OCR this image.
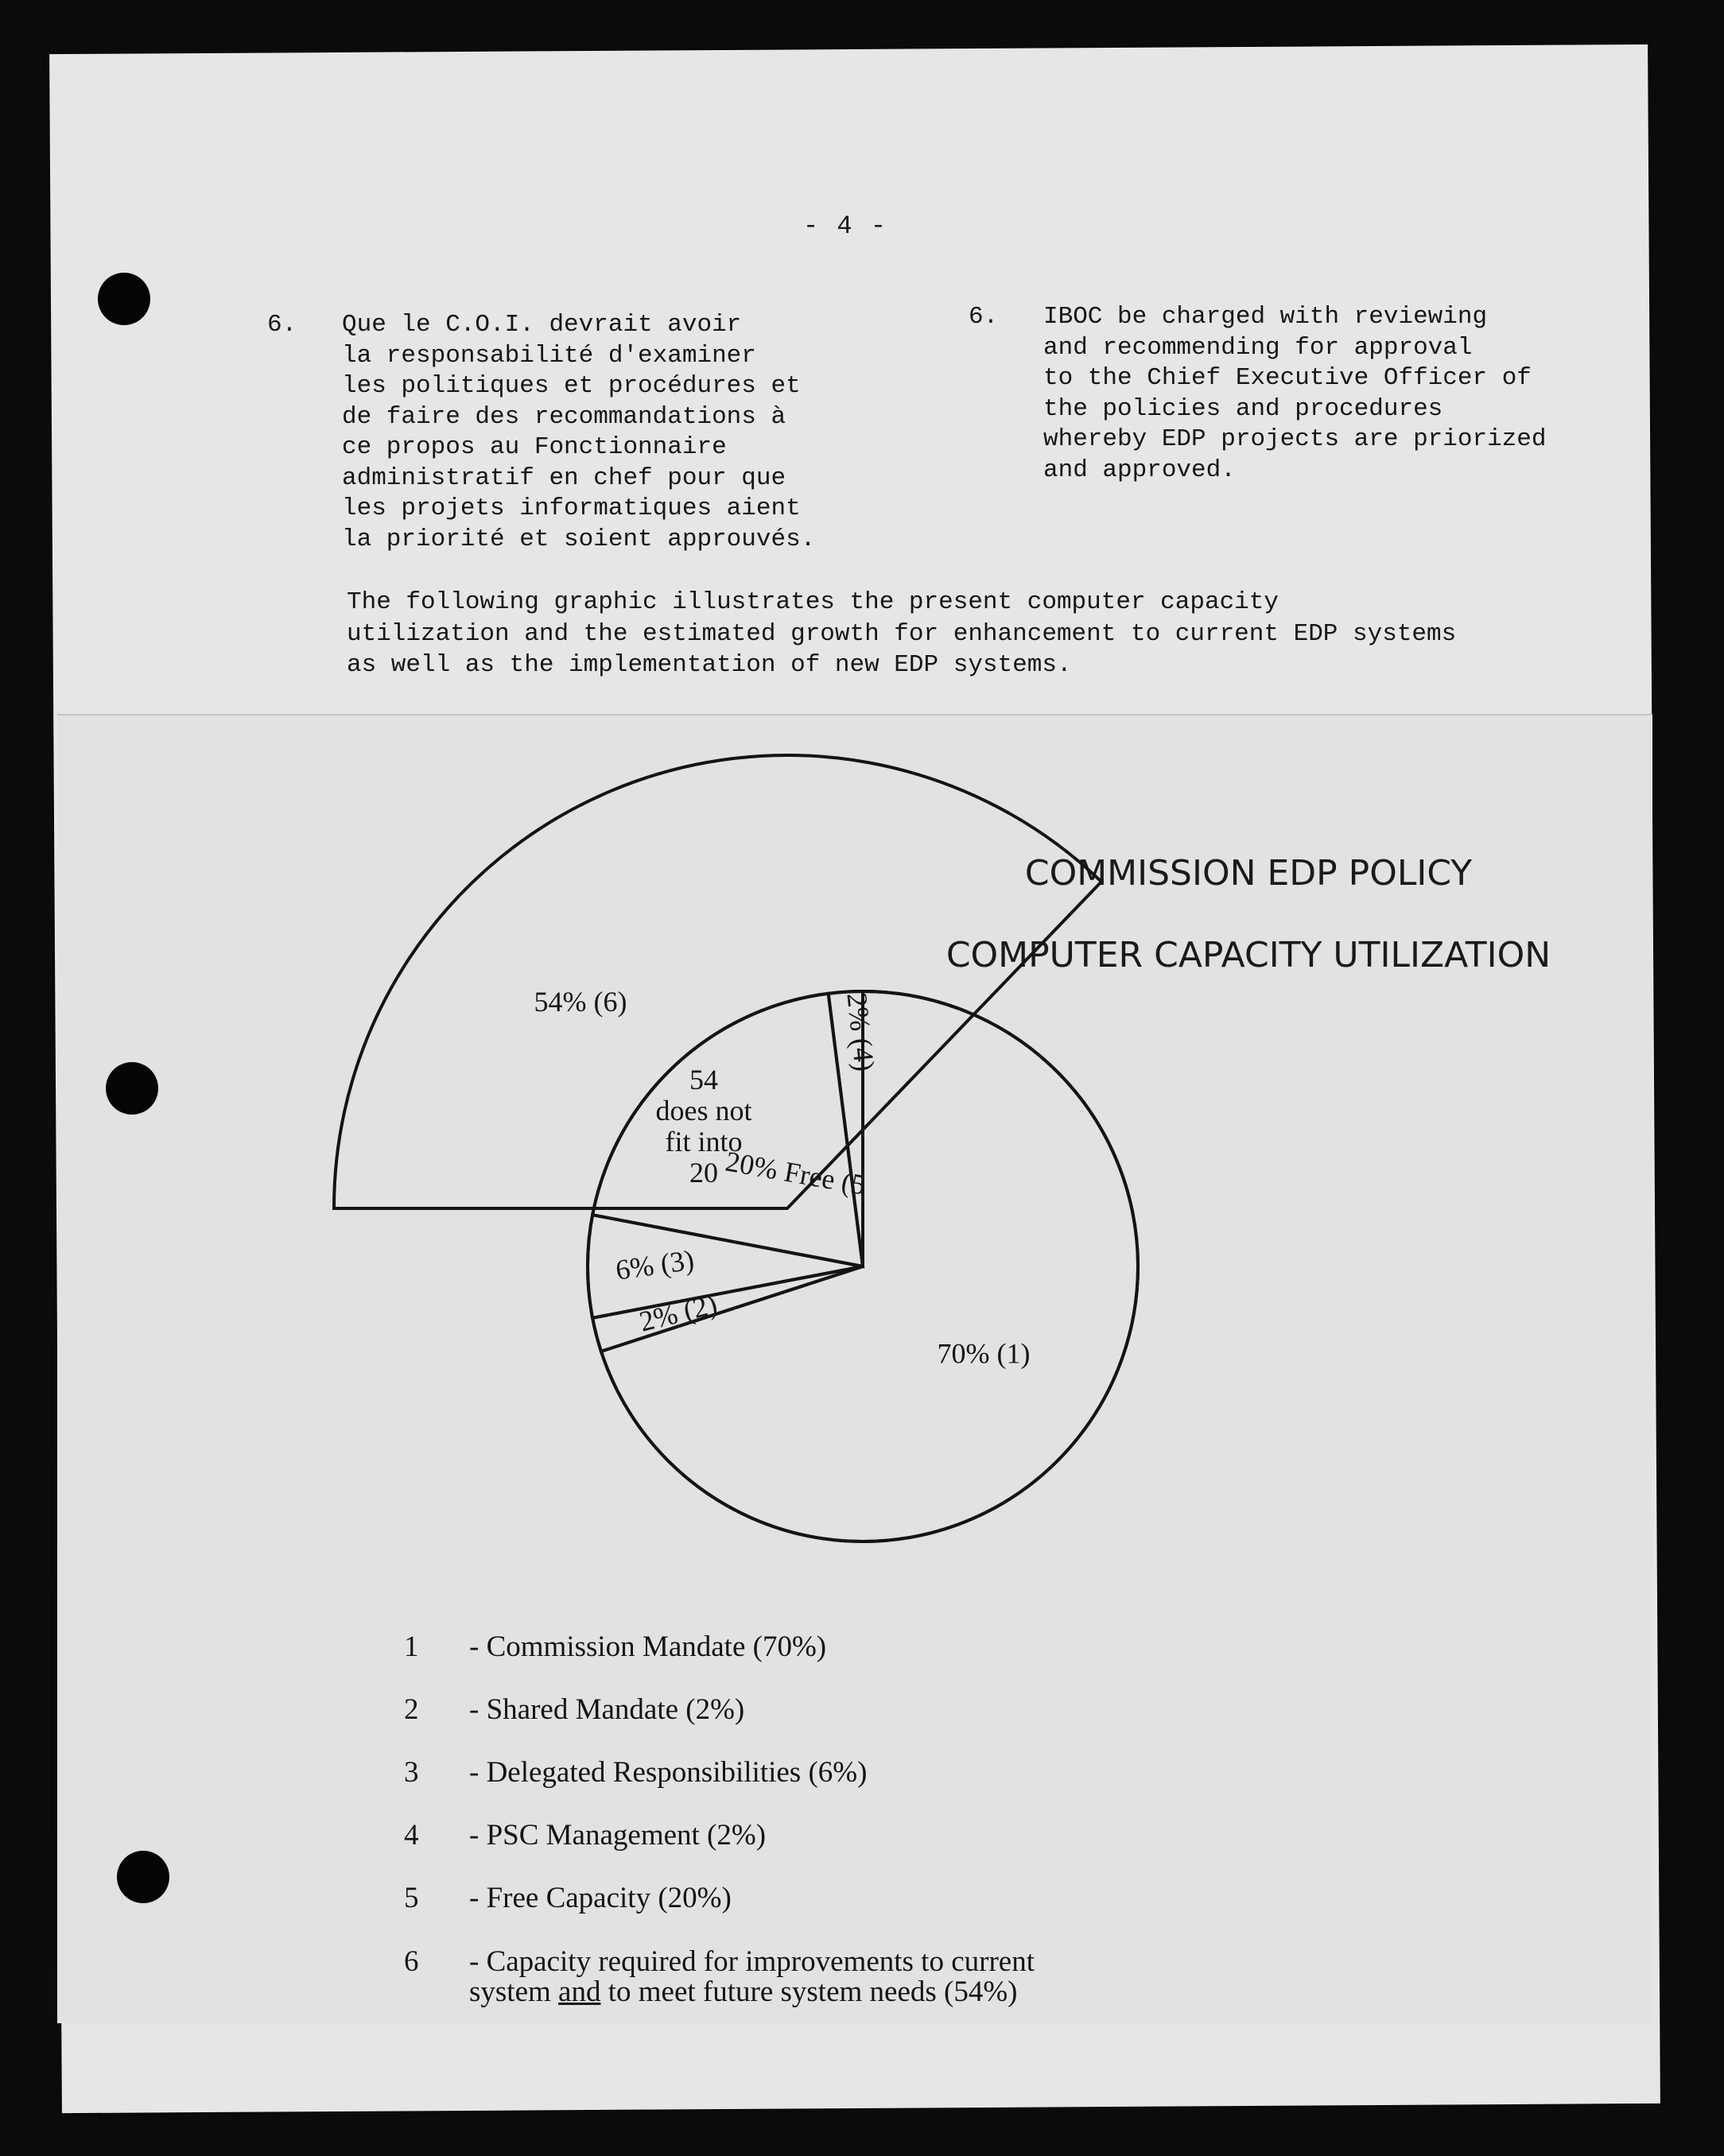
- 4 -
6. Que le C.O.I. devrait avoir
la responsabilité d'examiner
les politiques et procédures et
de faire des recommandations à
ce propos au Fonctionnaire
administratif en chef pour que
les projets informatiques aient
la priorité et soient approuvés.
6. IBOC be charged with reviewing
and recommending for approval
to the Chief Executive Officer of
the policies and procedures
whereby EDP projects are priorized
and approved.
The following graphic illustrates the present computer capacity
utilization and the estimated growth for enhancement to current EDP systems
as well as the implementation of new EDP systems.
COMMISSION EDP POLICY
COMPUTER CAPACITY UTILIZATION
70% (1)
2% (2)
6% (3)
20% Free (5
2% (4)
54% (6)
54
does not
fit into
20
1 - Commission Mandate (70%)
2 - Shared Mandate (2%)
3 - Delegated Responsibilities (6%)
4 - PSC Management (2%)
5 - Free Capacity (20%)
6 - Capacity required for improvements to current
system and to meet future system needs (54%)
